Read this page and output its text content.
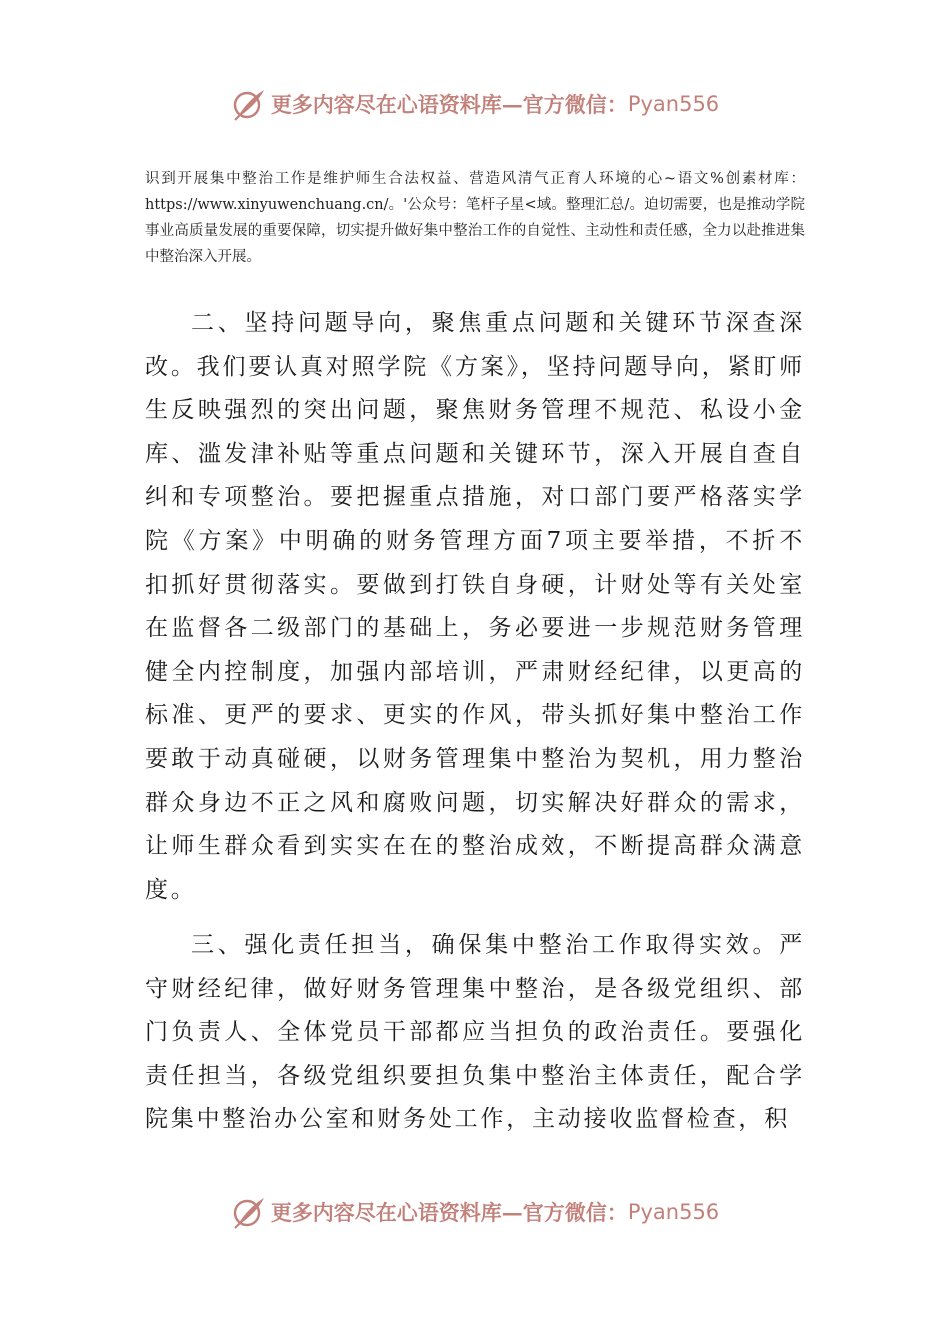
更多内容尽在心语资料库—官方微信： Pyan556
识到开展集中整治工作是维护师生合法权益、营造风清气正育人环境的心~语文%创素材库：https://www.xinyuwenchuang.cn/。'公众号：笔杆子星<域。整理汇总/。迫切需要，也是推动学院事业高质量发展的重要保障，切实提升做好集中整治工作的自觉性、主动性和责任感，全力以赴推进集中整治深入开展。
二、坚持问题导向，聚焦重点问题和关键环节深查深改。我们要认真对照学院《方案》，坚持问题导向，紧盯师生反映强烈的突出问题，聚焦财务管理不规范、私设小金库、滥发津补贴等重点问题和关键环节，深入开展自查自纠和专项整治。要把握重点措施，对口部门要严格落实学院《方案》中明确的财务管理方面7项主要举措，不折不扣抓好贯彻落实。要做到打铁自身硬，计财处等有关处室在监督各二级部门的基础上，务必要进一步规范财务管理健全内控制度，加强内部培训，严肃财经纪律，以更高的标准、更严的要求、更实的作风，带头抓好集中整治工作要敢于动真碰硬，以财务管理集中整治为契机，用力整治群众身边不正之风和腐败问题，切实解决好群众的需求，让师生群众看到实实在在的整治成效，不断提高群众满意度。
三、强化责任担当，确保集中整治工作取得实效。严守财经纪律，做好财务管理集中整治，是各级党组织、部门负责人、全体党员干部都应当担负的政治责任。要强化责任担当，各级党组织要担负集中整治主体责任，配合学院集中整治办公室和财务处工作，主动接收监督检查，积
更多内容尽在心语资料库—官方微信： Pyan556
